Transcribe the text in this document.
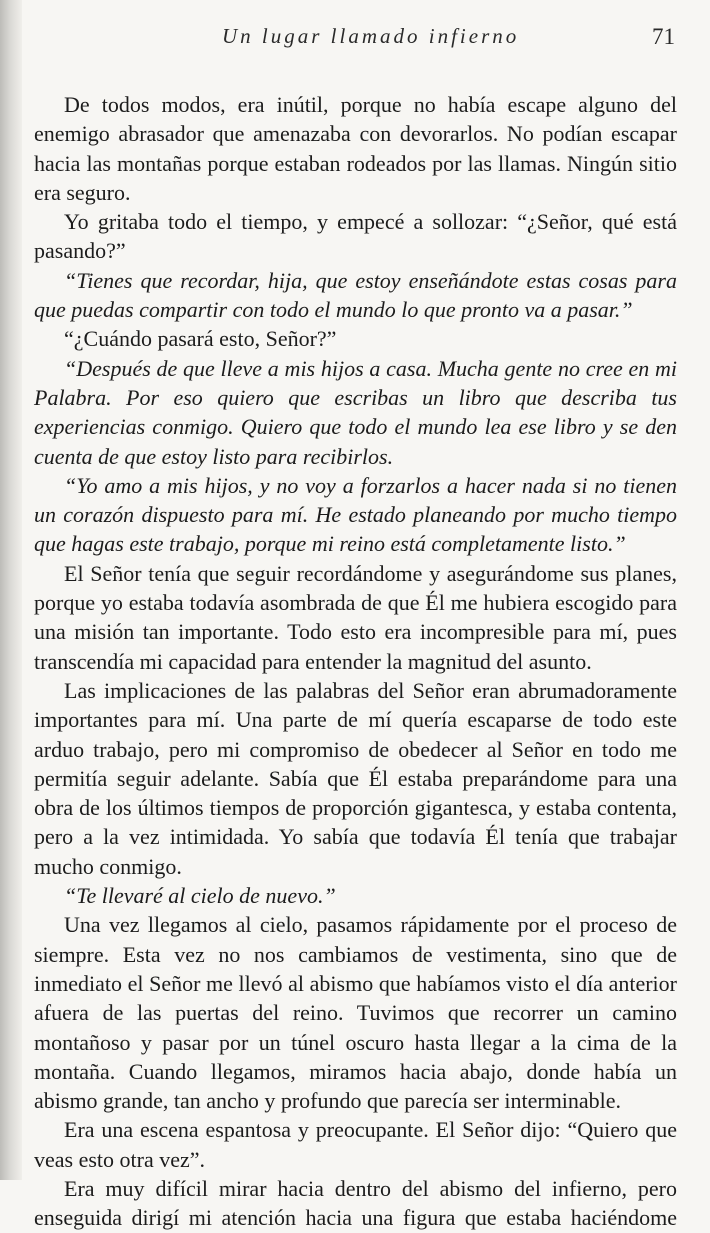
Un lugar llamado infierno	71

De todos modos, era inútil, porque no había escape alguno del enemigo abrasador que amenazaba con devorarlos. No podían escapar hacia las montañas porque estaban rodeados por las llamas. Ningún sitio era seguro.

Yo gritaba todo el tiempo, y empecé a sollozar: “¿Señor, qué está pasando?”

“Tienes que recordar, hija, que estoy enseñándote estas cosas para que puedas compartir con todo el mundo lo que pronto va a pasar.”

“¿Cuándo pasará esto, Señor?”

“Después de que lleve a mis hijos a casa. Mucha gente no cree en mi Palabra. Por eso quiero que escribas un libro que describa tus experiencias conmigo. Quiero que todo el mundo lea ese libro y se den cuenta de que estoy listo para recibirlos.

“Yo amo a mis hijos, y no voy a forzarlos a hacer nada si no tienen un corazón dispuesto para mí. He estado planeando por mucho tiempo que hagas este trabajo, porque mi reino está completamente listo.”

El Señor tenía que seguir recordándome y asegurándome sus planes, porque yo estaba todavía asombrada de que Él me hubiera escogido para una misión tan importante. Todo esto era incompresible para mí, pues transcendía mi capacidad para entender la magnitud del asunto.

Las implicaciones de las palabras del Señor eran abrumadoramente importantes para mí. Una parte de mí quería escaparse de todo este arduo trabajo, pero mi compromiso de obedecer al Señor en todo me permitía seguir adelante. Sabía que Él estaba preparándome para una obra de los últimos tiempos de proporción gigantesca, y estaba contenta, pero a la vez intimidada. Yo sabía que todavía Él tenía que trabajar mucho conmigo.

“Te llevaré al cielo de nuevo.”

Una vez llegamos al cielo, pasamos rápidamente por el proceso de siempre. Esta vez no nos cambiamos de vestimenta, sino que de inmediato el Señor me llevó al abismo que habíamos visto el día anterior afuera de las puertas del reino. Tuvimos que recorrer un camino montañoso y pasar por un túnel oscuro hasta llegar a la cima de la montaña. Cuando llegamos, miramos hacia abajo, donde había un abismo grande, tan ancho y profundo que parecía ser interminable.

Era una escena espantosa y preocupante. El Señor dijo: “Quiero que veas esto otra vez”.

Era muy difícil mirar hacia dentro del abismo del infierno, pero enseguida dirigí mi atención hacia una figura que estaba haciéndome
